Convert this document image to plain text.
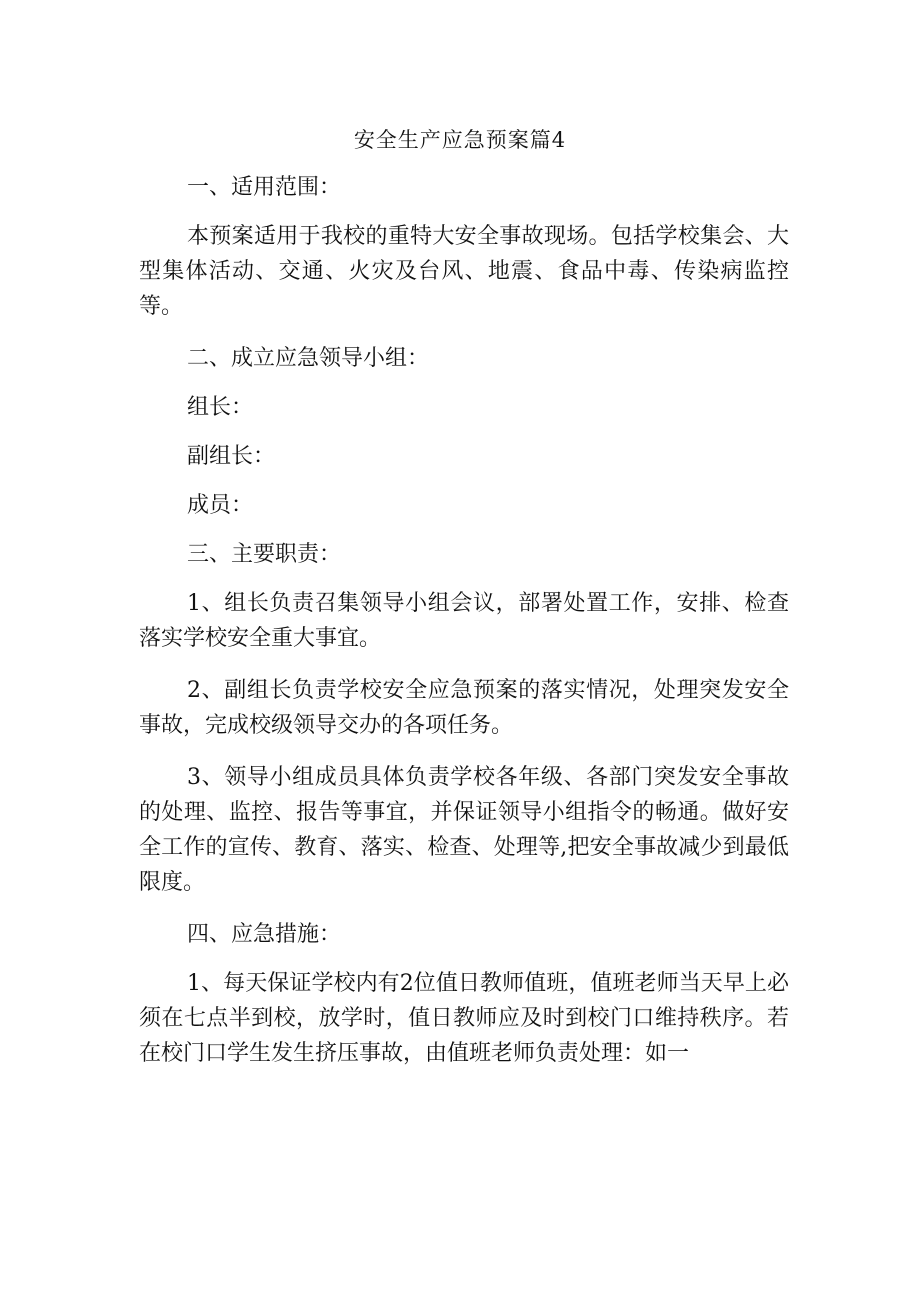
安全生产应急预案篇4

一、适用范围：

本预案适用于我校的重特大安全事故现场。包括学校集会、大型集体活动、交通、火灾及台风、地震、食品中毒、传染病监控等。

二、成立应急领导小组：

组长：

副组长：

成员：

三、主要职责：

1、组长负责召集领导小组会议，部署处置工作，安排、检查落实学校安全重大事宜。

2、副组长负责学校安全应急预案的落实情况，处理突发安全事故，完成校级领导交办的各项任务。

3、领导小组成员具体负责学校各年级、各部门突发安全事故的处理、监控、报告等事宜，并保证领导小组指令的畅通。做好安全工作的宣传、教育、落实、检查、处理等,把安全事故减少到最低限度。

四、应急措施：

1、每天保证学校内有2位值日教师值班，值班老师当天早上必须在七点半到校，放学时，值日教师应及时到校门口维持秩序。若在校门口学生发生挤压事故，由值班老师负责处理：如一
